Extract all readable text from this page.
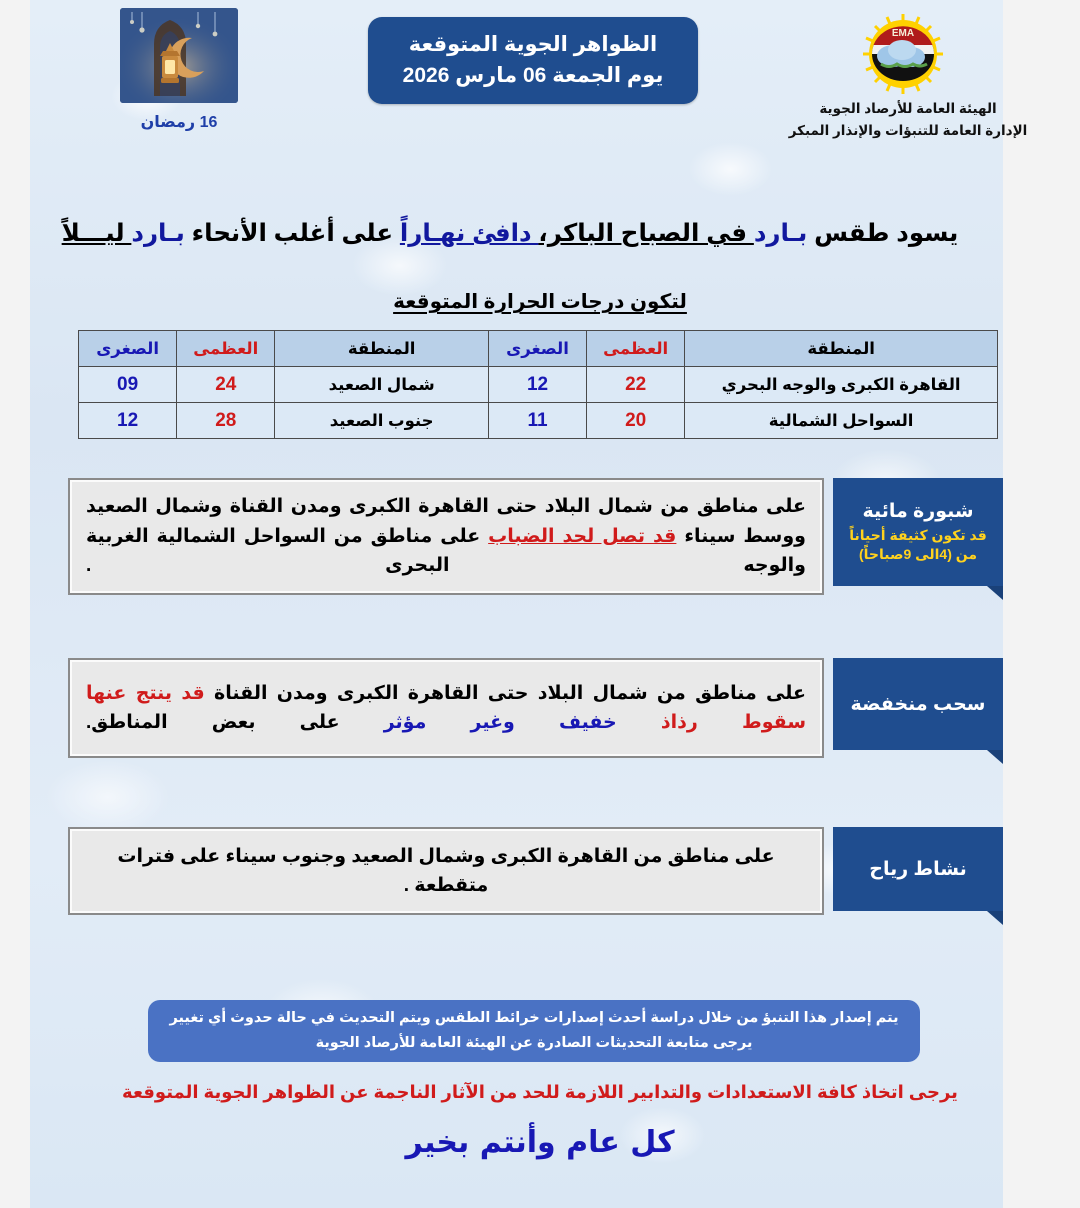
16 رمضان
الظواهر الجوية المتوقعة
يوم الجمعة 06 مارس 2026
EMA
الهيئة العامة للأرصاد الجوية
الإدارة العامة للتنبؤات والإنذار المبكر
يسود طقس بـارد في الصباح الباكر، دافئ نهـاراً على أغلب الأنحاء بـارد ليـــلاً
لتكون درجات الحرارة المتوقعة
المنطقة	العظمى	الصغرى	المنطقة	العظمى	الصغرى
القاهرة الكبرى والوجه البحري	22	12	شمال الصعيد	24	09
السواحل الشمالية	20	11	جنوب الصعيد	28	12
شبورة مائية
قد تكون كثيفة أحياناً
من (4الى 9صباحاً)

على مناطق من شمال البلاد حتى القاهرة الكبرى ومدن القناة وشمال الصعيد ووسط سيناء قد تصل لحد الضباب على مناطق من السواحل الشمالية الغربية والوجه البحرى .

سحب منخفضة

على مناطق من شمال البلاد حتى القاهرة الكبرى ومدن القناة قد ينتج عنها سقوط رذاذ خفيف وغير مؤثر على بعض المناطق.

نشاط رياح

على مناطق من القاهرة الكبرى وشمال الصعيد وجنوب سيناء على فترات متقطعة .

يتم إصدار هذا التنبؤ من خلال دراسة أحدث إصدارات خرائط الطقس ويتم التحديث في حالة حدوث أي تغيير
يرجى متابعة التحديثات الصادرة عن الهيئة العامة للأرصاد الجوية
يرجى اتخاذ كافة الاستعدادات والتدابير اللازمة للحد من الآثار الناجمة عن الظواهر الجوية المتوقعة
كل عام وأنتم بخير
